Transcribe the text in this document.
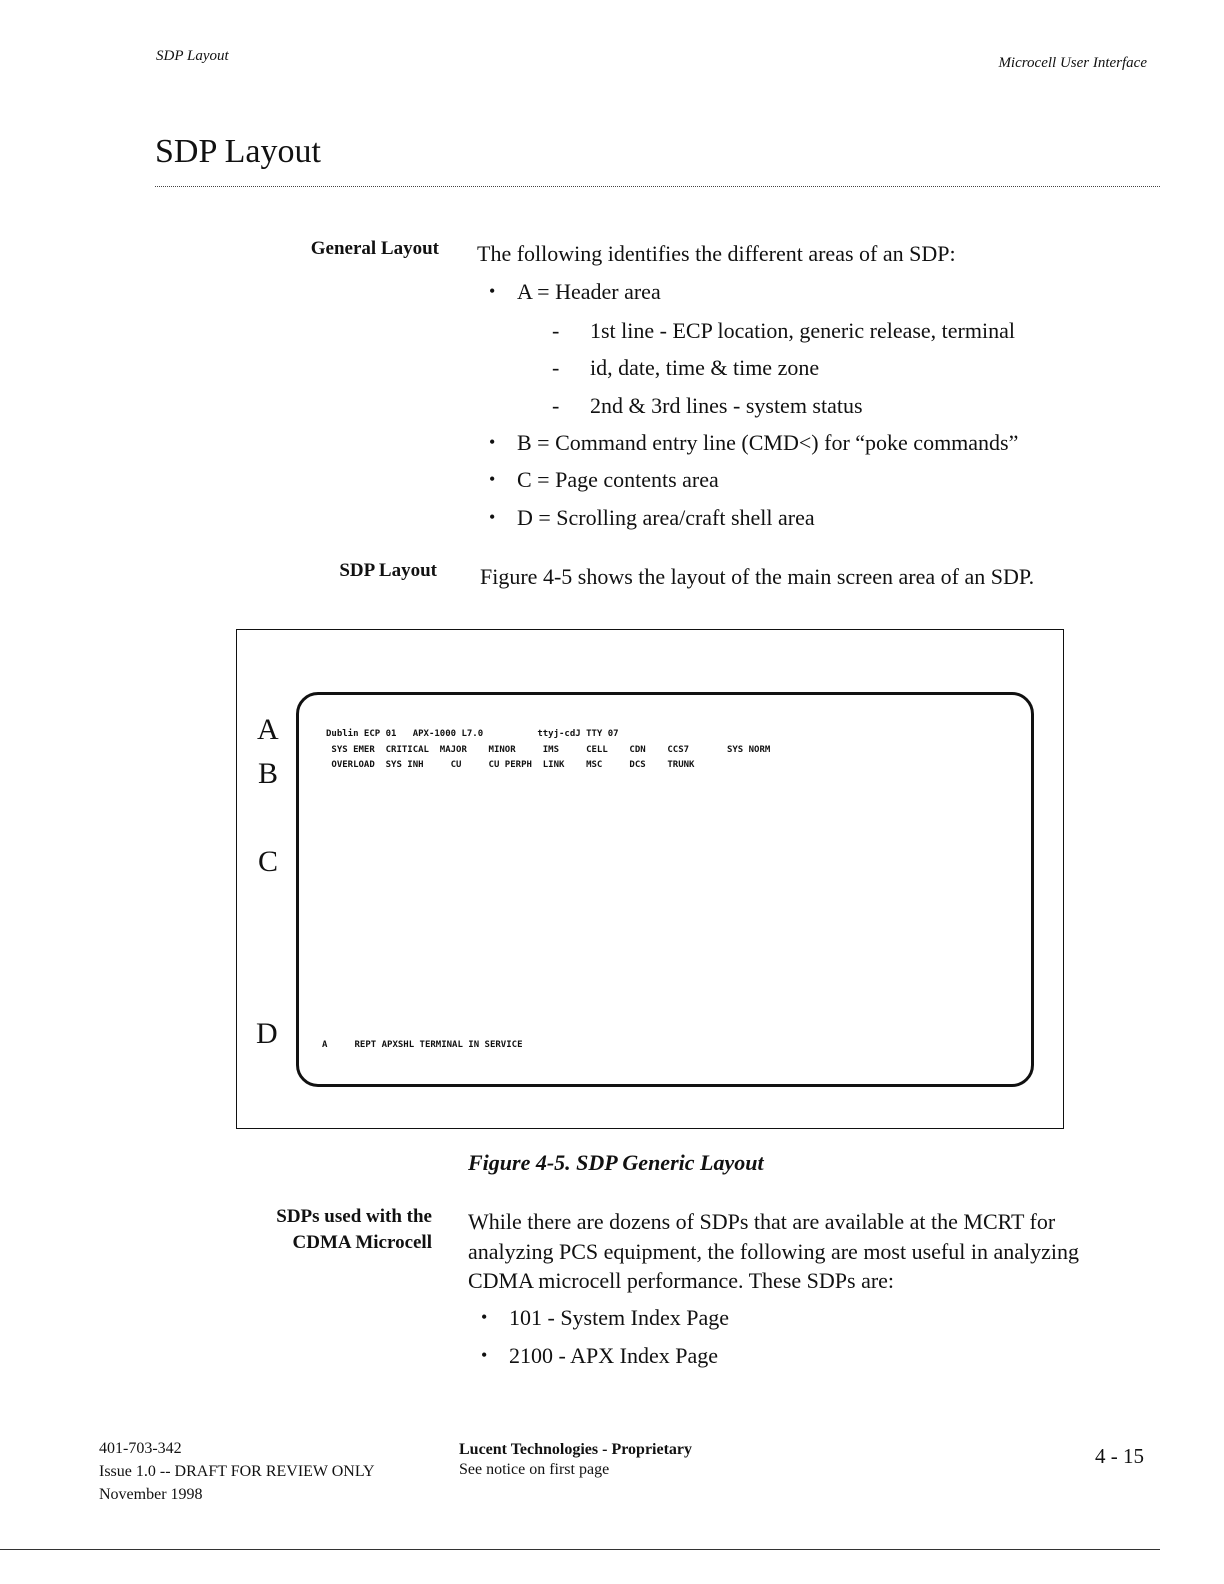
SDP Layout	Microcell User Interface
SDP Layout
General Layout The following identifies the different areas of an SDP:
• A = Header area
- 1st line - ECP location, generic release, terminal
- id, date, time & time zone
- 2nd & 3rd lines - system status
• B = Command entry line (CMD<) for “poke commands”
• C = Page contents area
• D = Scrolling area/craft shell area
SDP Layout Figure 4-5 shows the layout of the main screen area of an SDP.
A
B
C
D
Dublin ECP 01   APX-1000 L7.0          ttyj-cdJ TTY 07
SYS EMER  CRITICAL  MAJOR    MINOR     IMS     CELL    CDN    CCS7       SYS NORM
OVERLOAD  SYS INH     CU     CU PERPH  LINK    MSC     DCS    TRUNK
A     REPT APXSHL TERMINAL IN SERVICE
Figure 4-5. SDP Generic Layout
SDPs used with the
CDMA Microcell
While there are dozens of SDPs that are available at the MCRT for
analyzing PCS equipment, the following are most useful in analyzing
CDMA microcell performance. These SDPs are:
• 101 - System Index Page
• 2100 - APX Index Page
401-703-342
Issue 1.0 -- DRAFT FOR REVIEW ONLY
November 1998
Lucent Technologies - Proprietary
See notice on first page
4 - 15
